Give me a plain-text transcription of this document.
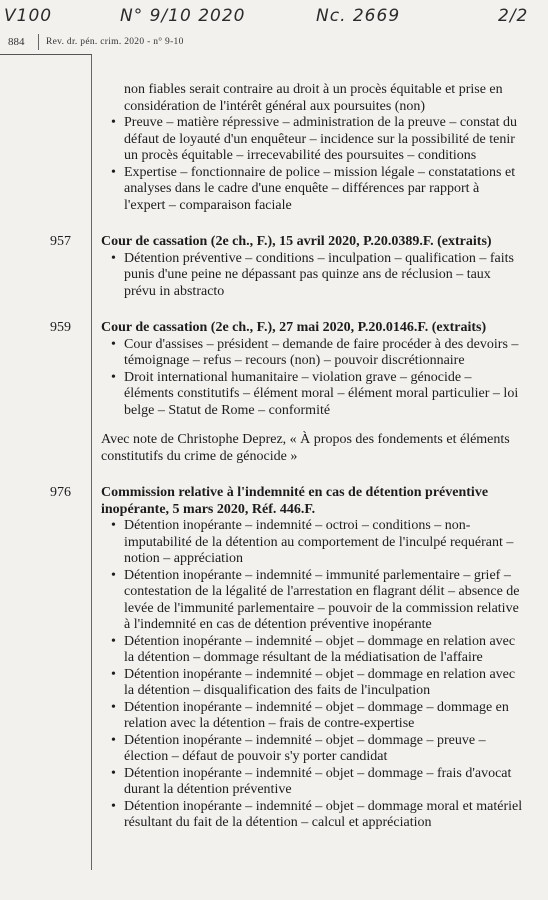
V100	N° 9/10 2020	Nc. 2669	2/2
884 Rev. dr. pén. crim. 2020 - n° 9-10

non fiables serait contraire au droit à un procès équitable et prise en considération de l'intérêt général aux poursuites (non)

• Preuve – matière répressive – administration de la preuve – constat du défaut de loyauté d'un enquêteur – incidence sur la possibilité de tenir un procès équitable – irrecevabilité des poursuites – conditions
• Expertise – fonctionnaire de police – mission légale – constatations et analyses dans le cadre d'une enquête – différences par rapport à l'expert – comparaison faciale
957 Cour de cassation (2e ch., F.), 15 avril 2020, P.20.0389.F. (extraits)

• Détention préventive – conditions – inculpation – qualification – faits punis d'une peine ne dépassant pas quinze ans de réclusion – taux prévu in abstracto
959 Cour de cassation (2e ch., F.), 27 mai 2020, P.20.0146.F. (extraits)

• Cour d'assises – président – demande de faire procéder à des devoirs – témoignage – refus – recours (non) – pouvoir discrétionnaire
• Droit international humanitaire – violation grave – génocide – éléments constitutifs – élément moral – élément moral particulier – loi belge – Statut de Rome – conformité

Avec note de Christophe Deprez, « À propos des fondements et éléments constitutifs du crime de génocide »

976 Commission relative à l'indemnité en cas de détention préventive inopérante, 5 mars 2020, Réf. 446.F.

• Détention inopérante – indemnité – octroi – conditions – non-imputabilité de la détention au comportement de l'inculpé requérant – notion – appréciation
• Détention inopérante – indemnité – immunité parlementaire – grief – contestation de la légalité de l'arrestation en flagrant délit – absence de levée de l'immunité parlementaire – pouvoir de la commission relative à l'indemnité en cas de détention préventive inopérante
• Détention inopérante – indemnité – objet – dommage en relation avec la détention – dommage résultant de la médiatisation de l'affaire
• Détention inopérante – indemnité – objet – dommage en relation avec la détention – disqualification des faits de l'inculpation
• Détention inopérante – indemnité – objet – dommage – dommage en relation avec la détention – frais de contre-expertise
• Détention inopérante – indemnité – objet – dommage – preuve – élection – défaut de pouvoir s'y porter candidat
• Détention inopérante – indemnité – objet – dommage – frais d'avocat durant la détention préventive
• Détention inopérante – indemnité – objet – dommage moral et matériel résultant du fait de la détention – calcul et appréciation
